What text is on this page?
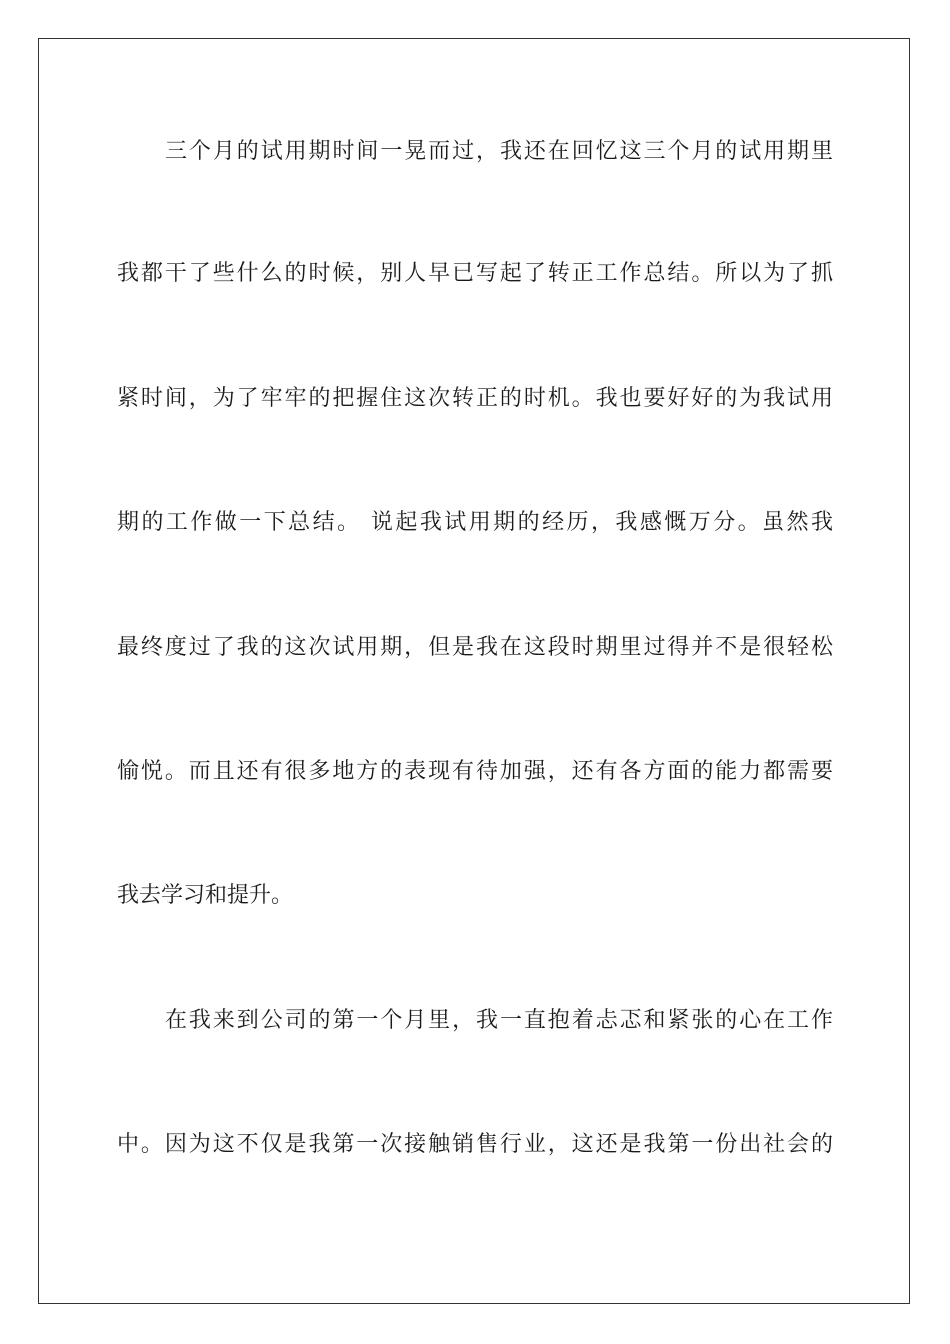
三个月的试用期时间一晃而过，我还在回忆这三个月的试用期里

我都干了些什么的时候，别人早已写起了转正工作总结。所以为了抓

紧时间，为了牢牢的把握住这次转正的时机。我也要好好的为我试用

期的工作做一下总结。 说起我试用期的经历，我感慨万分。虽然我

最终度过了我的这次试用期，但是我在这段时期里过得并不是很轻松

愉悦。而且还有很多地方的表现有待加强，还有各方面的能力都需要

我去学习和提升。

在我来到公司的第一个月里，我一直抱着忐忑和紧张的心在工作

中。因为这不仅是我第一次接触销售行业，这还是我第一份出社会的
